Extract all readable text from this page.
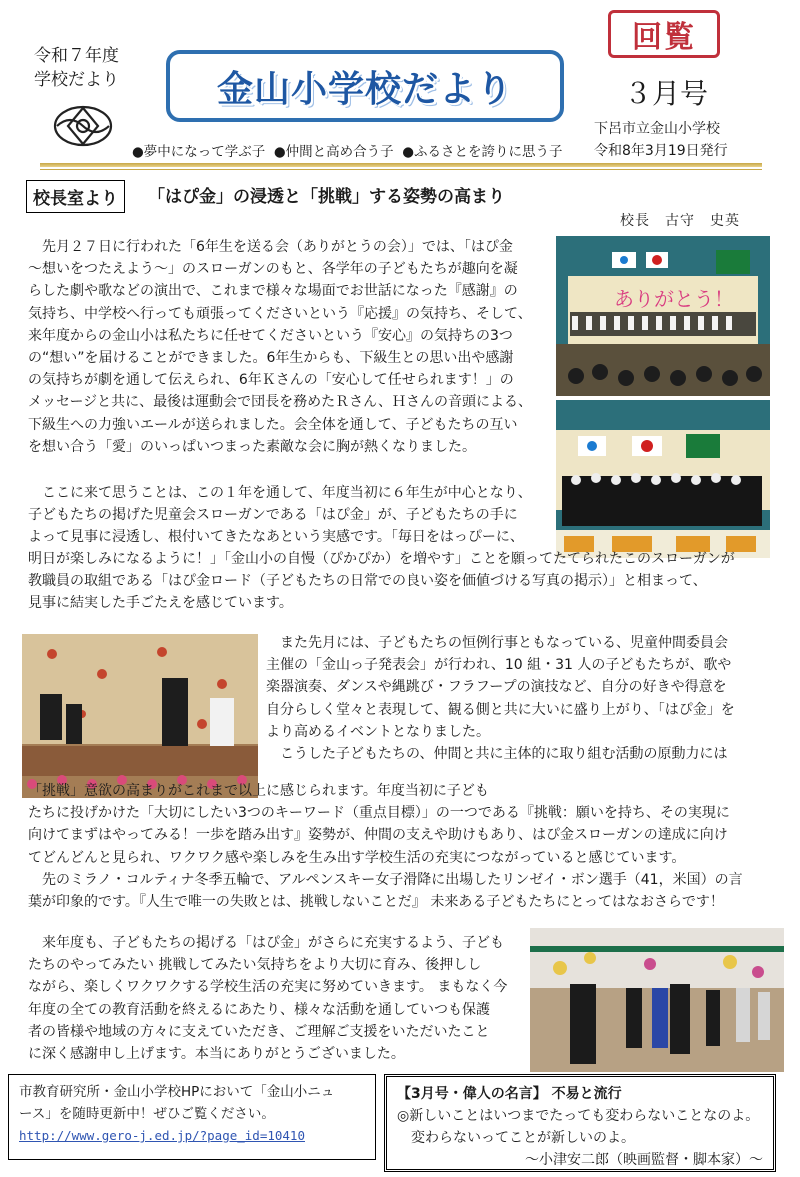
令和７年度
学校だより	金山小学校だより
回覧
３月号
下呂市立金山小学校
令和8年3月19日発行
●夢中になって学ぶ子 ●仲間と高め合う子 ●ふるさとを誇りに思う子
校長室より	「はぴ金」の浸透と「挑戦」する姿勢の高まり
校長　古守　史英
ありがとう！
　先月２７日に行われた「6年生を送る会（ありがとうの会）」では、「はぴ金
～想いをつたえよう～」のスローガンのもと、各学年の子どもたちが趣向を凝
らした劇や歌などの演出で、これまで様々な場面でお世話になった『感謝』の
気持ち、中学校へ行っても頑張ってくださいという『応援』の気持ち、そして、
来年度からの金山小は私たちに任せてくださいという『安心』の気持ちの3つ
の“想い”を届けることができました。6年生からも、下級生との思い出や感謝
の気持ちが劇を通して伝えられ、6年Ｋさんの「安心して任せられます！」の
メッセージと共に、最後は運動会で団長を務めたＲさん、Ｈさんの音頭による、
下級生への力強いエールが送られました。会全体を通して、子どもたちの互い
を想い合う「愛」のいっぱいつまった素敵な会に胸が熱くなりました。
　ここに来て思うことは、この１年を通して、年度当初に６年生が中心となり、
子どもたちの掲げた児童会スローガンである「はぴ金」が、子どもたちの手に
よって見事に浸透し、根付いてきたなあという実感です。「毎日をはっぴーに、
明日が楽しみになるように！」「金山小の自慢（ぴかぴか）を増やす」ことを願ってたてられたこのスローガンが
教職員の取組である「はぴ金ロード（子どもたちの日常での良い姿を価値づける写真の掲示）」と相まって、
見事に結実した手ごたえを感じています。
　また先月には、子どもたちの恒例行事ともなっている、児童仲間委員会
主催の「金山っ子発表会」が行われ、10 組・31 人の子どもたちが、歌や
楽器演奏、ダンスや縄跳び・フラフープの演技など、自分の好きや得意を
自分らしく堂々と表現して、観る側と共に大いに盛り上がり、「はぴ金」を
より高めるイベントとなりました。
　こうした子どもたちの、仲間と共に主体的に取り組む活動の原動力には
「挑戦」意欲の高まりがこれまで以上に感じられます。年度当初に子ども
たちに投げかけた「大切にしたい3つのキーワード（重点目標）」の一つである『挑戦：願いを持ち、その実現に
向けてまずはやってみる！一歩を踏み出す』姿勢が、仲間の支えや助けもあり、はぴ金スローガンの達成に向け
てどんどんと見られ、ワクワク感や楽しみを生み出す学校生活の充実につながっていると感じています。
　先のミラノ・コルティナ冬季五輪で、アルペンスキー女子滑降に出場したリンゼイ・ボン選手（41，米国）の言
葉が印象的です。『人生で唯一の失敗とは、挑戦しないことだ』 未来ある子どもたちにとってはなおさらです！
　来年度も、子どもたちの掲げる「はぴ金」がさらに充実するよう、子ども
たちのやってみたい 挑戦してみたい気持ちをより大切に育み、後押しし
ながら、楽しくワクワクする学校生活の充実に努めていきます。 まもなく今
年度の全ての教育活動を終えるにあたり、様々な活動を通していつも保護
者の皆様や地域の方々に支えていただき、ご理解ご支援をいただいたこと
に深く感謝申し上げます。本当にありがとうございました。
市教育研究所・金山小学校HPにおいて「金山小ニュ
ース」を随時更新中！ぜひご覧ください。
http://www.gero-j.ed.jp/?page_id=10410
【3月号・偉人の名言】 不易と流行
◎新しいことはいつまでたっても変わらないことなのよ。
　変わらないってことが新しいのよ。
～小津安二郎（映画監督・脚本家）～
